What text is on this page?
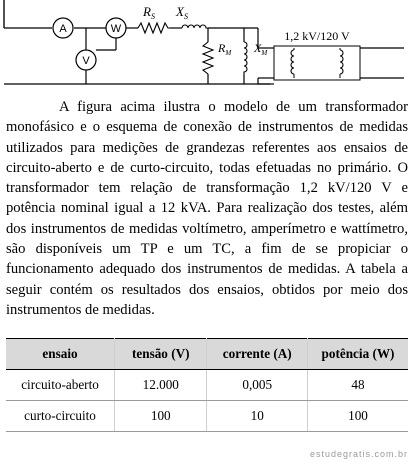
A	W
V
$R_S$ $X_S$
$R_M$ $X_M$
1,2 kV/120 V

A figura acima ilustra o modelo de um transformador monofásico e o esquema de conexão de instrumentos de medidas utilizados para medições de grandezas referentes aos ensaios de circuito-aberto e de curto-circuito, todas efetuadas no primário. O transformador tem relação de transformação 1,2 kV/120 V e potência nominal igual a 12 kVA. Para realização dos testes, além dos instrumentos de medidas voltímetro, amperímetro e wattímetro, são disponíveis um TP e um TC, a fim de se propiciar o funcionamento adequado dos instrumentos de medidas. A tabela a seguir contém os resultados dos ensaios, obtidos por meio dos instrumentos de medidas.

ensaio	tensão (V)	corrente (A)	potência (W)
circuito-aberto	12.000	0,005	48
curto-circuito	100	10	100
estudegratis.com.br
